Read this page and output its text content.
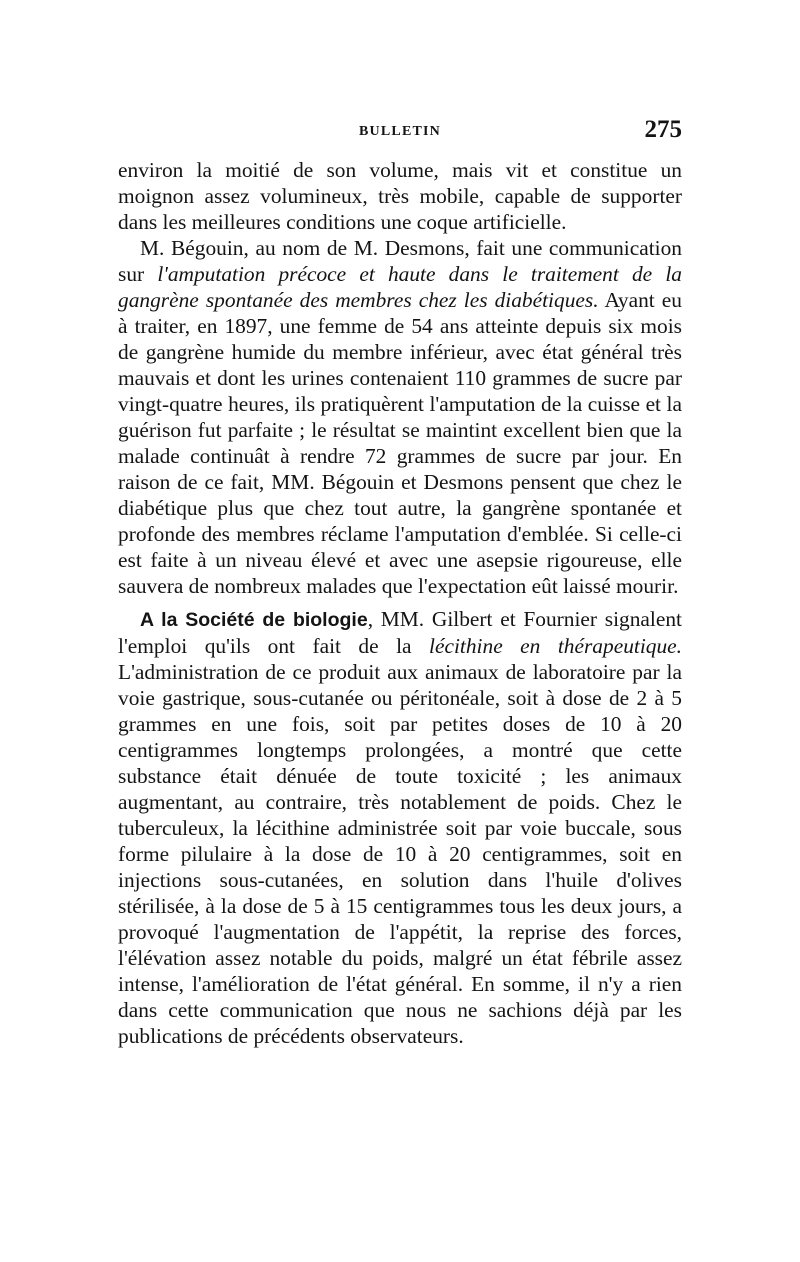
BULLETIN	275

environ la moitié de son volume, mais vit et constitue un moignon assez volumineux, très mobile, capable de supporter dans les meilleures conditions une coque artificielle.

M. Bégouin, au nom de M. Desmons, fait une communication sur l'amputation précoce et haute dans le traitement de la gangrène spontanée des membres chez les diabétiques. Ayant eu à traiter, en 1897, une femme de 54 ans atteinte depuis six mois de gangrène humide du membre inférieur, avec état général très mauvais et dont les urines contenaient 110 grammes de sucre par vingt-quatre heures, ils pratiquèrent l'amputation de la cuisse et la guérison fut parfaite ; le résultat se maintint excellent bien que la malade continuât à rendre 72 grammes de sucre par jour. En raison de ce fait, MM. Bégouin et Desmons pensent que chez le diabétique plus que chez tout autre, la gangrène spontanée et profonde des membres réclame l'amputation d'emblée. Si celle-ci est faite à un niveau élevé et avec une asepsie rigoureuse, elle sauvera de nombreux malades que l'expectation eût laissé mourir.

A la Société de biologie, MM. Gilbert et Fournier signalent l'emploi qu'ils ont fait de la lécithine en thérapeutique. L'administration de ce produit aux animaux de laboratoire par la voie gastrique, sous-cutanée ou péritonéale, soit à dose de 2 à 5 grammes en une fois, soit par petites doses de 10 à 20 centigrammes longtemps prolongées, a montré que cette substance était dénuée de toute toxicité ; les animaux augmentant, au contraire, très notablement de poids. Chez le tuberculeux, la lécithine administrée soit par voie buccale, sous forme pilulaire à la dose de 10 à 20 centigrammes, soit en injections sous-cutanées, en solution dans l'huile d'olives stérilisée, à la dose de 5 à 15 centigrammes tous les deux jours, a provoqué l'augmentation de l'appétit, la reprise des forces, l'élévation assez notable du poids, malgré un état fébrile assez intense, l'amélioration de l'état général. En somme, il n'y a rien dans cette communication que nous ne sachions déjà par les publications de précédents observateurs.
